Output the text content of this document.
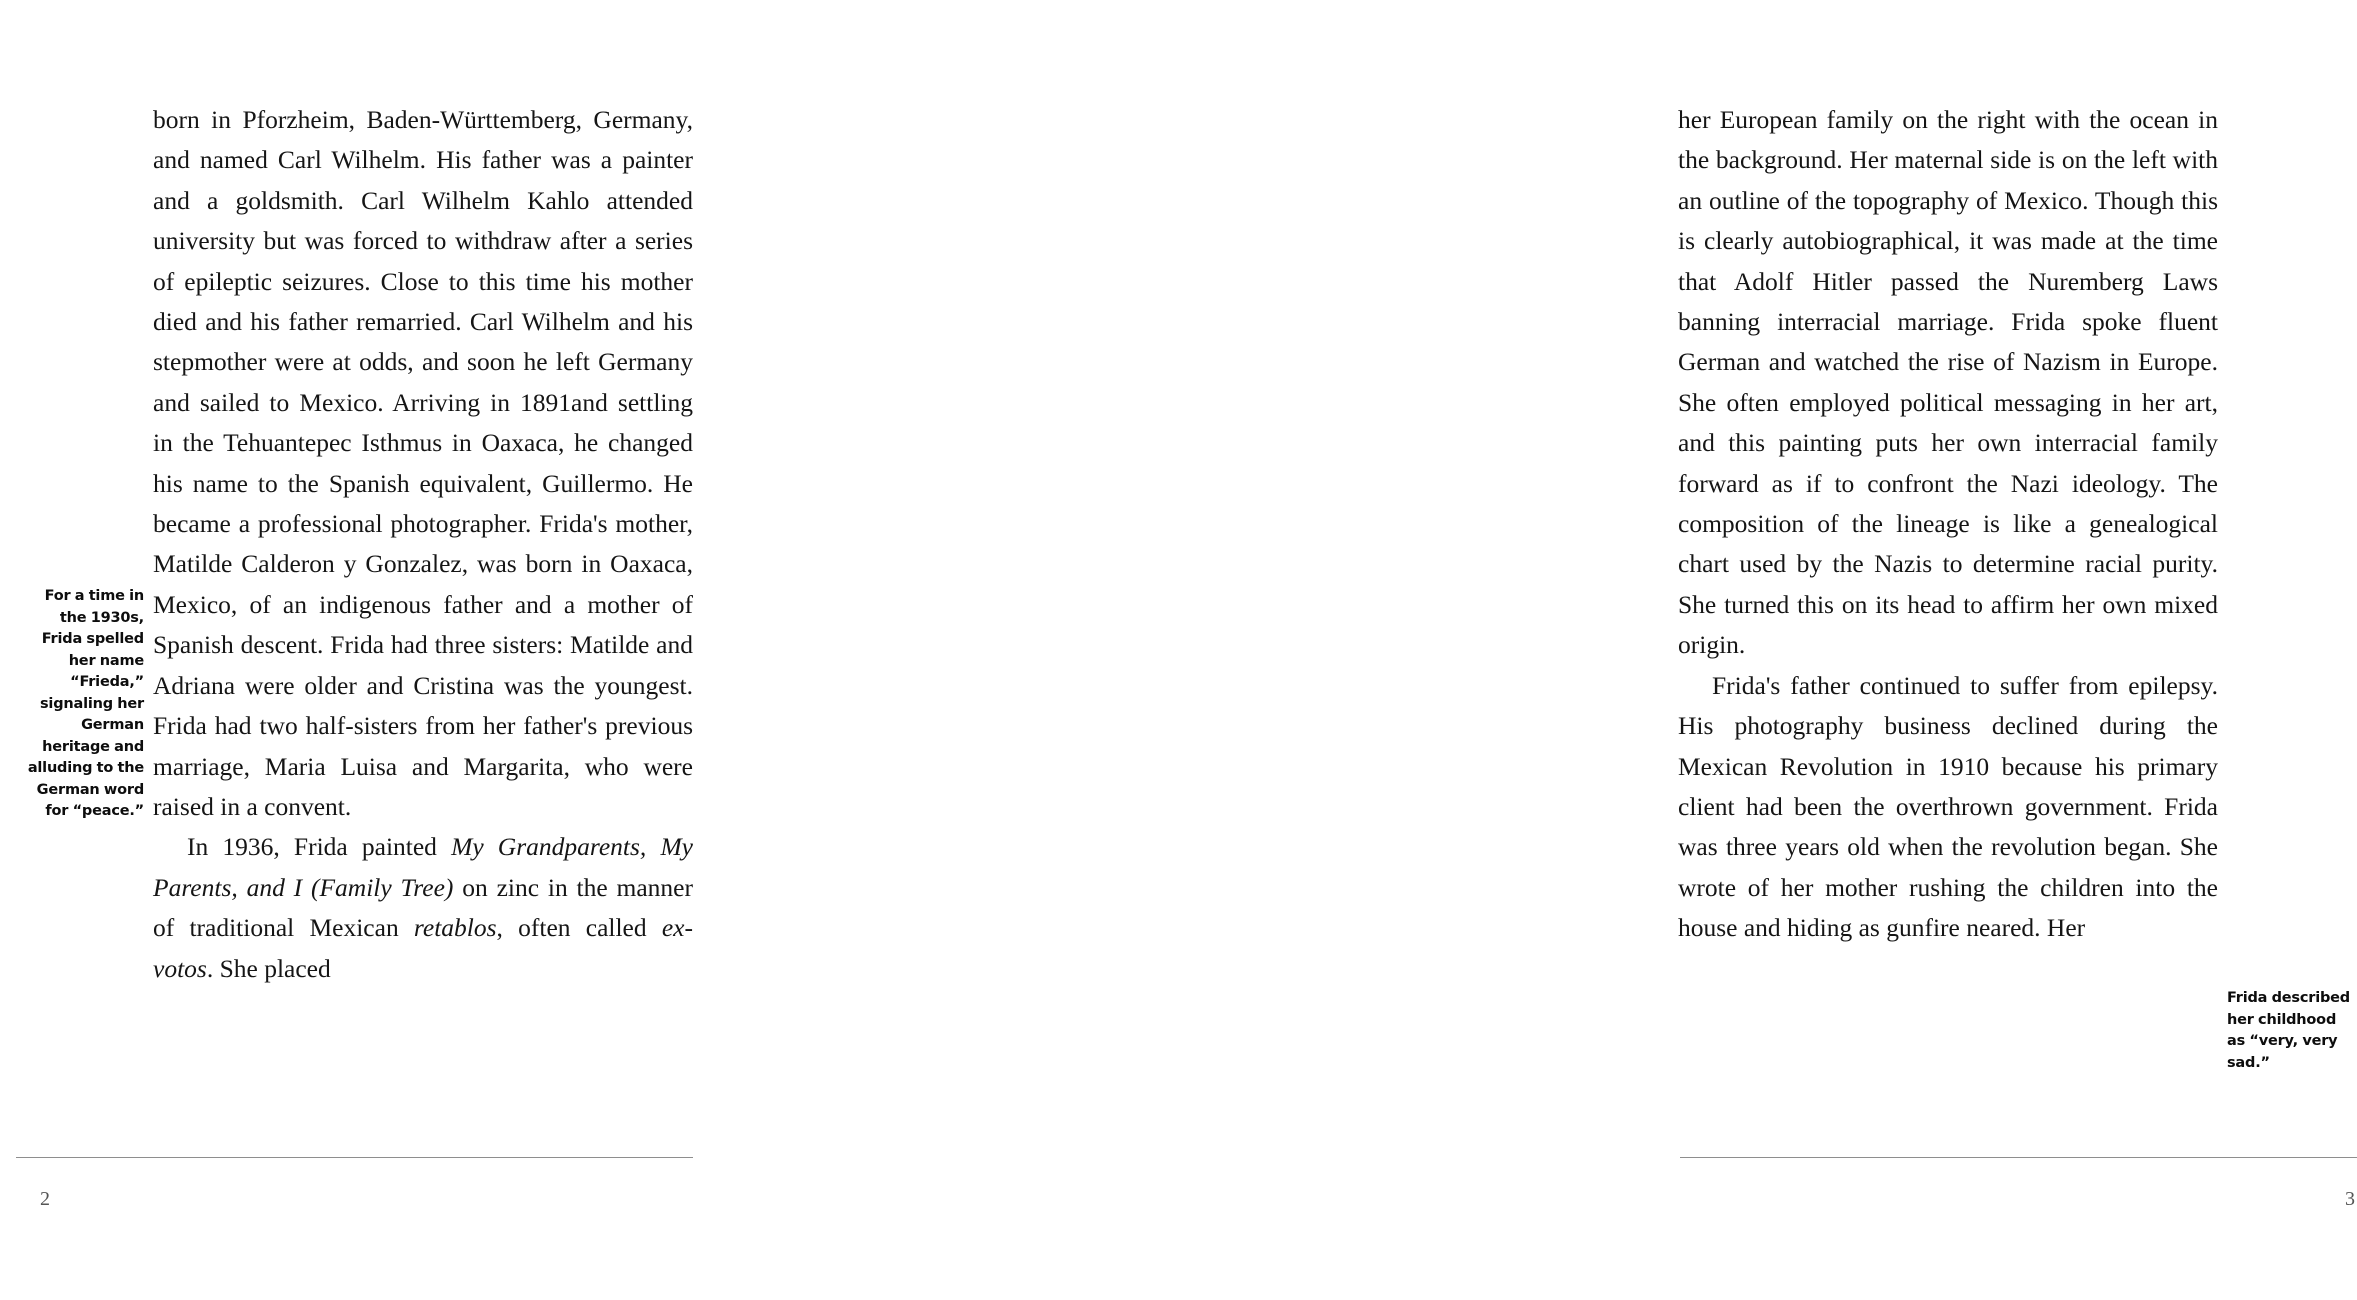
born in Pforzheim, Baden-Württemberg, Germany, and named Carl Wilhelm. His father was a painter and a goldsmith. Carl Wilhelm Kahlo attended university but was forced to withdraw after a series of epileptic seizures. Close to this time his mother died and his father remarried. Carl Wilhelm and his stepmother were at odds, and soon he left Germany and sailed to Mexico. Arriving in 1891and settling in the Tehuantepec Isthmus in Oaxaca, he changed his name to the Spanish equivalent, Guillermo. He became a professional photographer. Frida's mother, Matilde Calderon y Gonzalez, was born in Oaxaca, Mexico, of an indigenous father and a mother of Spanish descent. Frida had three sisters: Matilde and Adriana were older and Cristina was the youngest. Frida had two half-sisters from her father's previous marriage, Maria Luisa and Margarita, who were raised in a convent.

In 1936, Frida painted My Grandparents, My Parents, and I (Family Tree) on zinc in the manner of traditional Mexican retablos, often called ex-votos. She placed

For a time in the 1930s, Frida spelled her name “Frieda,” signaling her German heritage and alluding to the German word for “peace.”
2

her European family on the right with the ocean in the background. Her maternal side is on the left with an outline of the topography of Mexico. Though this is clearly autobiographical, it was made at the time that Adolf Hitler passed the Nuremberg Laws banning interracial marriage. Frida spoke fluent German and watched the rise of Nazism in Europe. She often employed political messaging in her art, and this painting puts her own interracial family forward as if to confront the Nazi ideology. The composition of the lineage is like a genealogical chart used by the Nazis to determine racial purity. She turned this on its head to affirm her own mixed origin.

Frida's father continued to suffer from epilepsy. His photography business declined during the Mexican Revolution in 1910 because his primary client had been the overthrown government. Frida was three years old when the revolution began. She wrote of her mother rushing the children into the house and hiding as gunfire neared. Her

Frida described her childhood as “very, very sad.”
3
